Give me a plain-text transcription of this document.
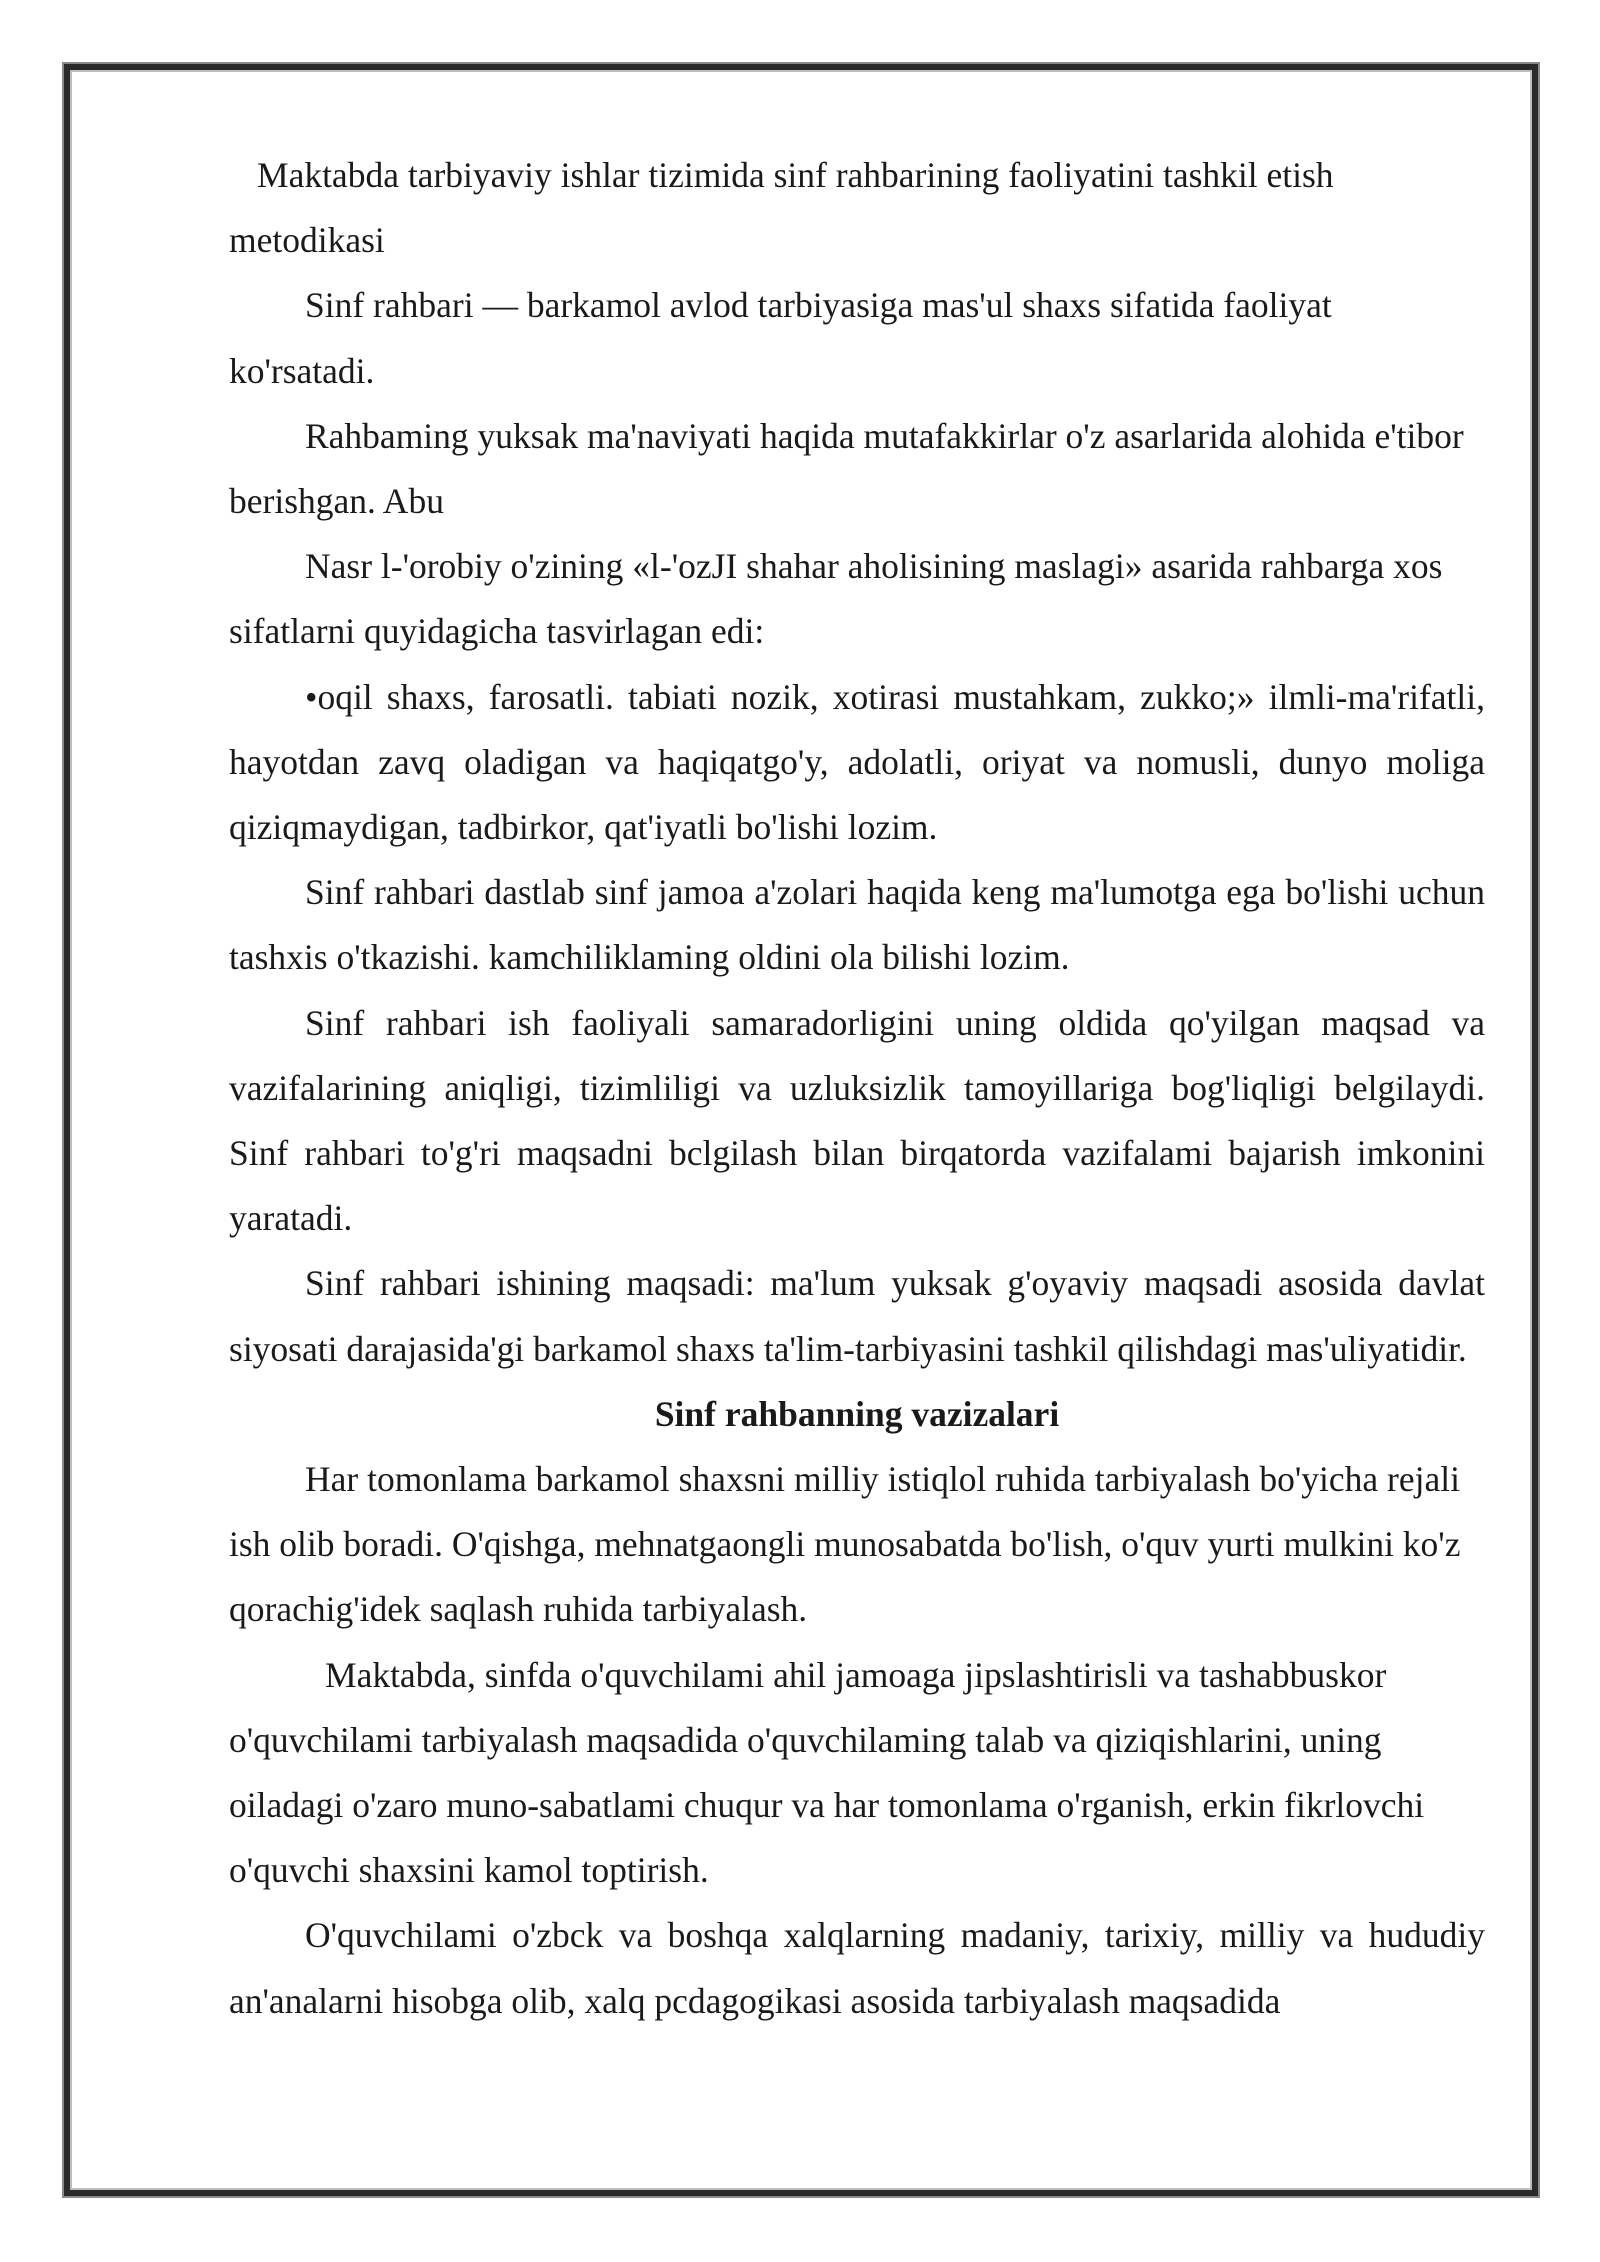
Maktabda tarbiyaviy ishlar tizimida sinf rahbarining faoliyatini tashkil etish metodikasi

Sinf rahbari — barkamol avlod tarbiyasiga mas'ul shaxs sifatida faoliyat ko'rsatadi.

Rahbaming yuksak ma'naviyati haqida mutafakkirlar o'z asarlarida alohida e'tibor berishgan. Abu

Nasr l-'orobiy o'zining «l-'ozJI shahar aholisining maslagi» asarida rahbarga xos sifatlarni quyidagicha tasvirlagan edi:

•oqil shaxs, farosatli. tabiati nozik, xotirasi mustahkam, zukko;» ilmli-ma'rifatli, hayotdan zavq oladigan va haqiqatgo'y, adolatli, oriyat va nomusli, dunyo moliga qiziqmaydigan, tadbirkor, qat'iyatli bo'lishi lozim.

Sinf rahbari dastlab sinf jamoa a'zolari haqida keng ma'lumotga ega bo'lishi uchun tashxis o'tkazishi. kamchiliklaming oldini ola bilishi lozim.

Sinf rahbari ish faoliyali samaradorligini uning oldida qo'yilgan maqsad va vazifalarining aniqligi, tizimliligi va uzluksizlik tamoyillariga bog'liqligi belgilaydi. Sinf rahbari to'g'ri maqsadni bclgilash bilan birqatorda vazifalami bajarish imkonini yaratadi.

Sinf rahbari ishining maqsadi: ma'lum yuksak g'oyaviy maqsadi asosida davlat siyosati darajasida'gi barkamol shaxs ta'lim-tarbiyasini tashkil qilishdagi mas'uliyatidir.

Sinf rahbanning vazizalari

Har tomonlama barkamol shaxsni milliy istiqlol ruhida tarbiyalash bo'yicha rejali ish olib boradi. O'qishga, mehnatgaongli munosabatda bo'lish, o'quv yurti mulkini ko'z qorachig'idek saqlash ruhida tarbiyalash.

Maktabda, sinfda o'quvchilami ahil jamoaga jipslashtirisli va tashabbuskor o'quvchilami tarbiyalash maqsadida o'quvchilaming talab va qiziqishlarini, uning oiladagi o'zaro muno-sabatlami chuqur va har tomonlama o'rganish, erkin fikrlovchi o'quvchi shaxsini kamol toptirish.

O'quvchilami o'zbck va boshqa xalqlarning madaniy, tarixiy, milliy va hududiy an'analarni hisobga olib, xalq pcdagogikasi asosida tarbiyalash maqsadida
